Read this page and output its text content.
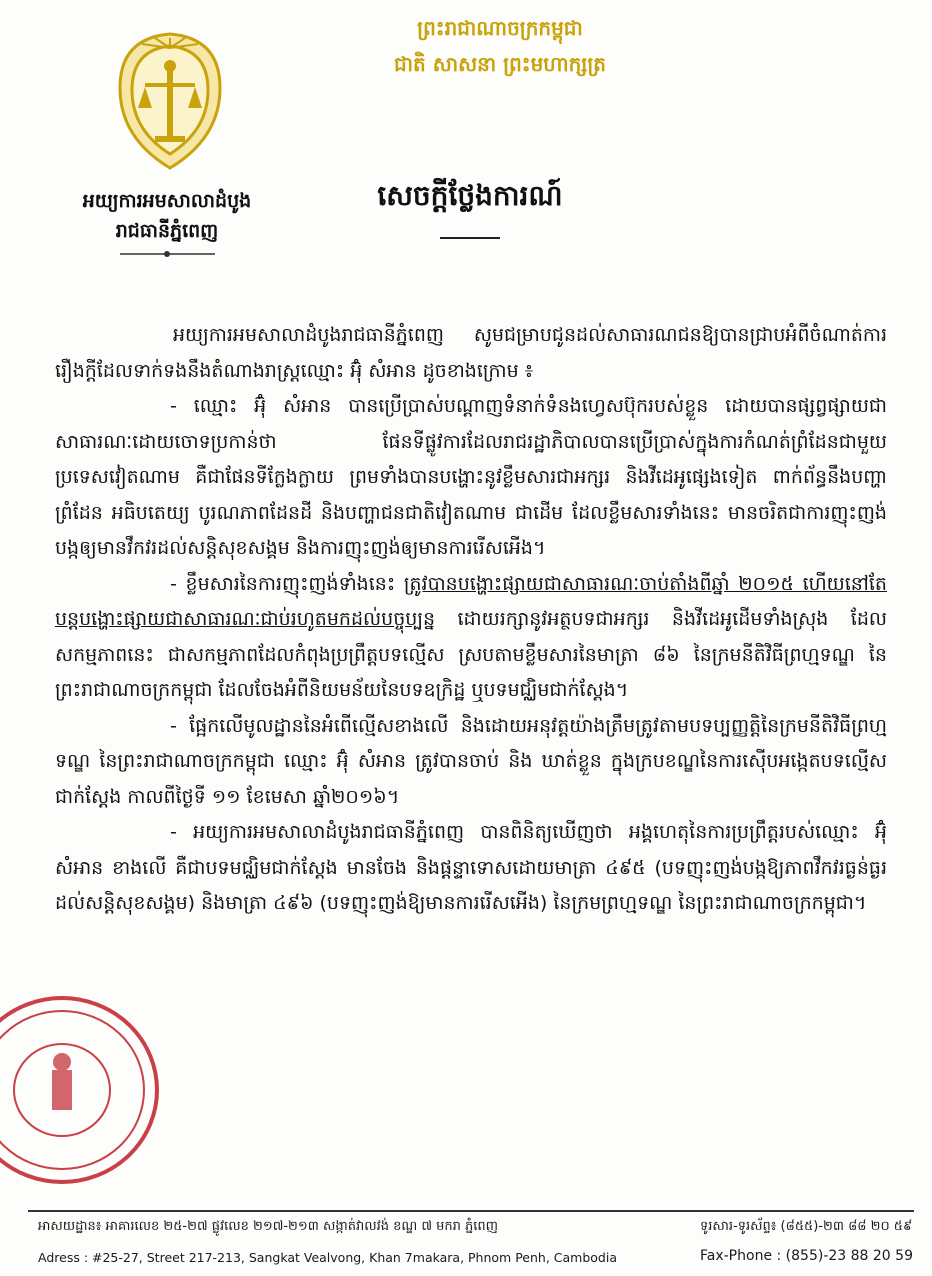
អយ្យការអមសាលាដំបូង
រាជធានីភ្នំពេញ
ព្រះរាជាណាចក្រកម្ពុជា
ជាតិ សាសនា ព្រះមហាក្សត្រ
សេចក្តីថ្លែងការណ៍

អយ្យការអមសាលាដំបូងរាជធានីភ្នំពេញ សូមជម្រាបជូនដល់សាធារណជនឱ្យបានជ្រាបអំពីចំណាត់ការរឿងក្តីដែលទាក់ទងនឹងតំណាងរាស្ត្រឈ្មោះ អ៊ុំ សំអាន ដូចខាងក្រោម ៖

- ឈ្មោះ អ៊ុំ សំអាន បានប្រើប្រាស់បណ្តាញទំនាក់ទំនងហ្វេសប៊ុករបស់ខ្លួន ដោយបានផ្សព្វផ្សាយជាសាធារណៈដោយចោទប្រកាន់ថា ផែនទីផ្លូវការដែលរាជរដ្ឋាភិបាលបានប្រើប្រាស់ក្នុងការកំណត់ព្រំដែនជាមួយប្រទេសវៀតណាម គឺជាផែនទីក្លែងក្លាយ ព្រមទាំងបានបង្ហោះនូវខ្លឹមសារជាអក្សរ និងវីដេអូផ្សេងទៀត ពាក់ព័ន្ធនឹងបញ្ហាព្រំដែន អធិបតេយ្យ បូរណភាពដែនដី និងបញ្ហាជនជាតិវៀតណាម ជាដើម ដែលខ្លឹមសារទាំងនេះ មានចរិតជាការញុះញង់បង្កឲ្យមានវឹកវរដល់សន្តិសុខសង្គម និងការញុះញង់ឲ្យមានការរើសអើង។

- ខ្លឹមសារនៃការញុះញង់ទាំងនេះ ត្រូវបានបង្ហោះផ្សាយជាសាធារណៈចាប់តាំងពីឆ្នាំ ២០១៥ ហើយនៅតែបន្តបង្ហោះផ្សាយជាសាធារណៈជាប់រហូតមកដល់បច្ចុប្បន្ន ដោយរក្សានូវអត្ថបទជាអក្សរ និងវីដេអូដើមទាំងស្រុង ដែលសកម្មភាពនេះ ជាសកម្មភាពដែលកំពុងប្រព្រឹត្តបទល្មើស ស្របតាមខ្លឹមសារនៃមាត្រា ៨៦ នៃក្រមនីតិវិធីព្រហ្មទណ្ឌ នៃព្រះរាជាណាចក្រកម្ពុជា ដែលចែងអំពីនិយមន័យនៃបទឧក្រិដ្ឋ ឬបទមជ្ឈិមជាក់ស្តែង។

- ផ្អែកលើមូលដ្ឋាននៃអំពើល្មើសខាងលើ និងដោយអនុវត្តយ៉ាងត្រឹមត្រូវតាមបទប្បញ្ញត្តិនៃក្រមនីតិវិធីព្រហ្មទណ្ឌ នៃព្រះរាជាណាចក្រកម្ពុជា ឈ្មោះ អ៊ុំ សំអាន ត្រូវបានចាប់ និង ឃាត់ខ្លួន ក្នុងក្របខណ្ឌនៃការស៊ើបអង្កេតបទល្មើសជាក់ស្តែង កាលពីថ្ងៃទី ១១ ខែមេសា ឆ្នាំ២០១៦។

- អយ្យការអមសាលាដំបូងរាជធានីភ្នំពេញ បានពិនិត្យឃើញថា អង្គហេតុនៃការប្រព្រឹត្តរបស់ឈ្មោះ អ៊ុំ សំអាន ខាងលើ គឺជាបទមជ្ឈិមជាក់ស្តែង មានចែង និងផ្តន្ទាទោសដោយមាត្រា ៤៩៥ (បទញុះញង់បង្កឱ្យភាពវឹកវរធ្ងន់ធ្ងរដល់សន្តិសុខសង្គម) និងមាត្រា ៤៩៦ (បទញុះញង់ឱ្យមានការរើសអើង) នៃក្រមព្រហ្មទណ្ឌ នៃព្រះរាជាណាចក្រកម្ពុជា។

អាសយដ្ឋាន៖ អាគារលេខ ២៥-២៧ ផ្លូវលេខ ២១៧-២១៣ សង្កាត់វាលវង់ ខណ្ឌ ៧ មករា ភ្នំពេញ	ទូរសារ-ទូរស័ព្ទ៖ (៨៥៥)-២៣ ៨៨ ២០ ៥៩
Adress : #25-27, Street 217-213, Sangkat Vealvong, Khan 7makara, Phnom Penh, Cambodia	Fax-Phone : (855)-23 88 20 59
